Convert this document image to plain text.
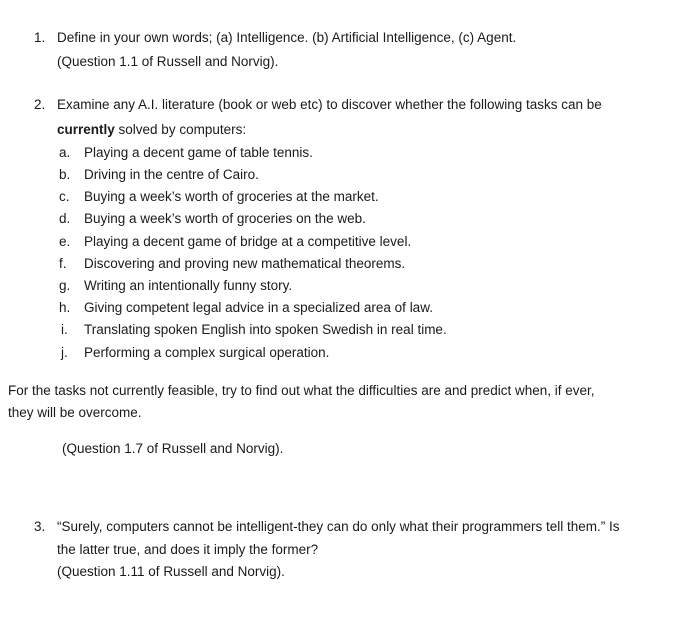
1. Define in your own words; (a) Intelligence. (b) Artificial Intelligence, (c) Agent.
(Question 1.1 of Russell and Norvig).
2. Examine any A.I. literature (book or web etc) to discover whether the following tasks can be
currently solved by computers:
a.	Playing a decent game of table tennis.
b.	Driving in the centre of Cairo.
c.	Buying a week’s worth of groceries at the market.
d.	Buying a week’s worth of groceries on the web.
e.	Playing a decent game of bridge at a competitive level.
f.	Discovering and proving new mathematical theorems.
g.	Writing an intentionally funny story.
h.	Giving competent legal advice in a specialized area of law.
i.	Translating spoken English into spoken Swedish in real time.
j.	Performing a complex surgical operation.
For the tasks not currently feasible, try to find out what the difficulties are and predict when, if ever,
they will be overcome.
(Question 1.7 of Russell and Norvig).
3. “Surely, computers cannot be intelligent-they can do only what their programmers tell them.” Is
the latter true, and does it imply the former?
(Question 1.11 of Russell and Norvig).
